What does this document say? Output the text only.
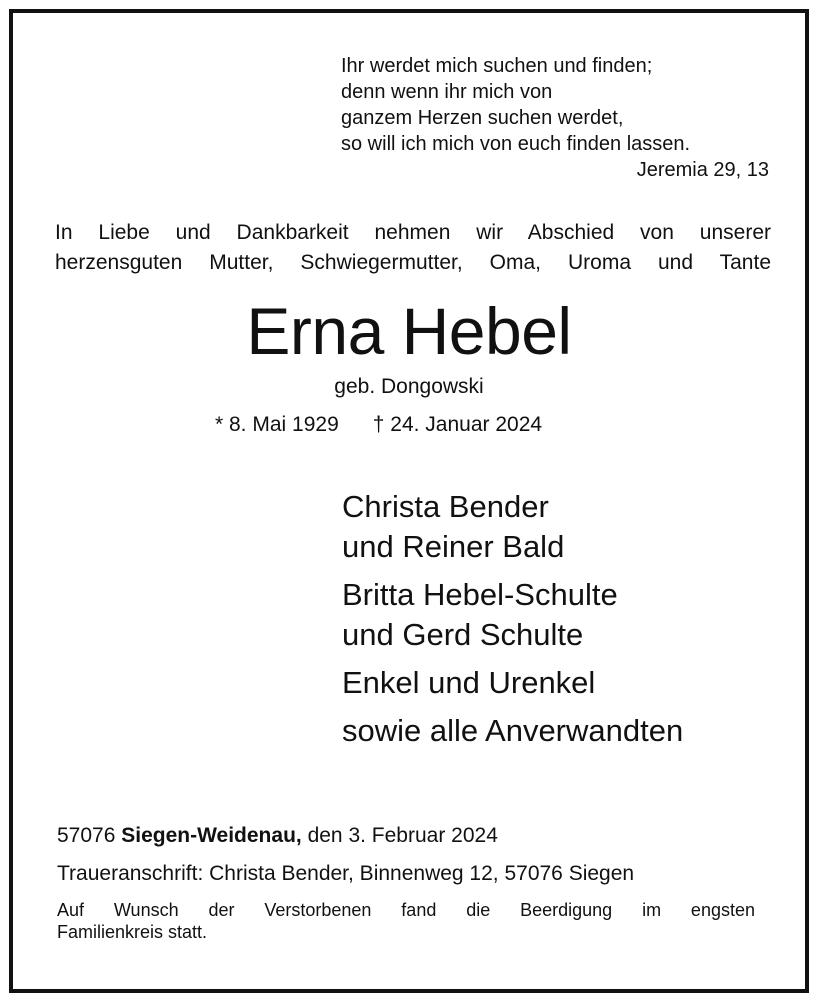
Ihr werdet mich suchen und finden;
denn wenn ihr mich von
ganzem Herzen suchen werdet,
so will ich mich von euch finden lassen.
Jeremia 29, 13
In Liebe und Dankbarkeit nehmen wir Abschied von unserer
herzensguten Mutter, Schwiegermutter, Oma, Uroma und Tante
Erna Hebel
geb. Dongowski
* 8. Mai 1929 † 24. Januar 2024
Christa Bender
und Reiner Bald
Britta Hebel-Schulte
und Gerd Schulte
Enkel und Urenkel
sowie alle Anverwandten
57076 Siegen-Weidenau, den 3. Februar 2024
Traueranschrift: Christa Bender, Binnenweg 12, 57076 Siegen
Auf Wunsch der Verstorbenen fand die Beerdigung im engsten
Familienkreis statt.
